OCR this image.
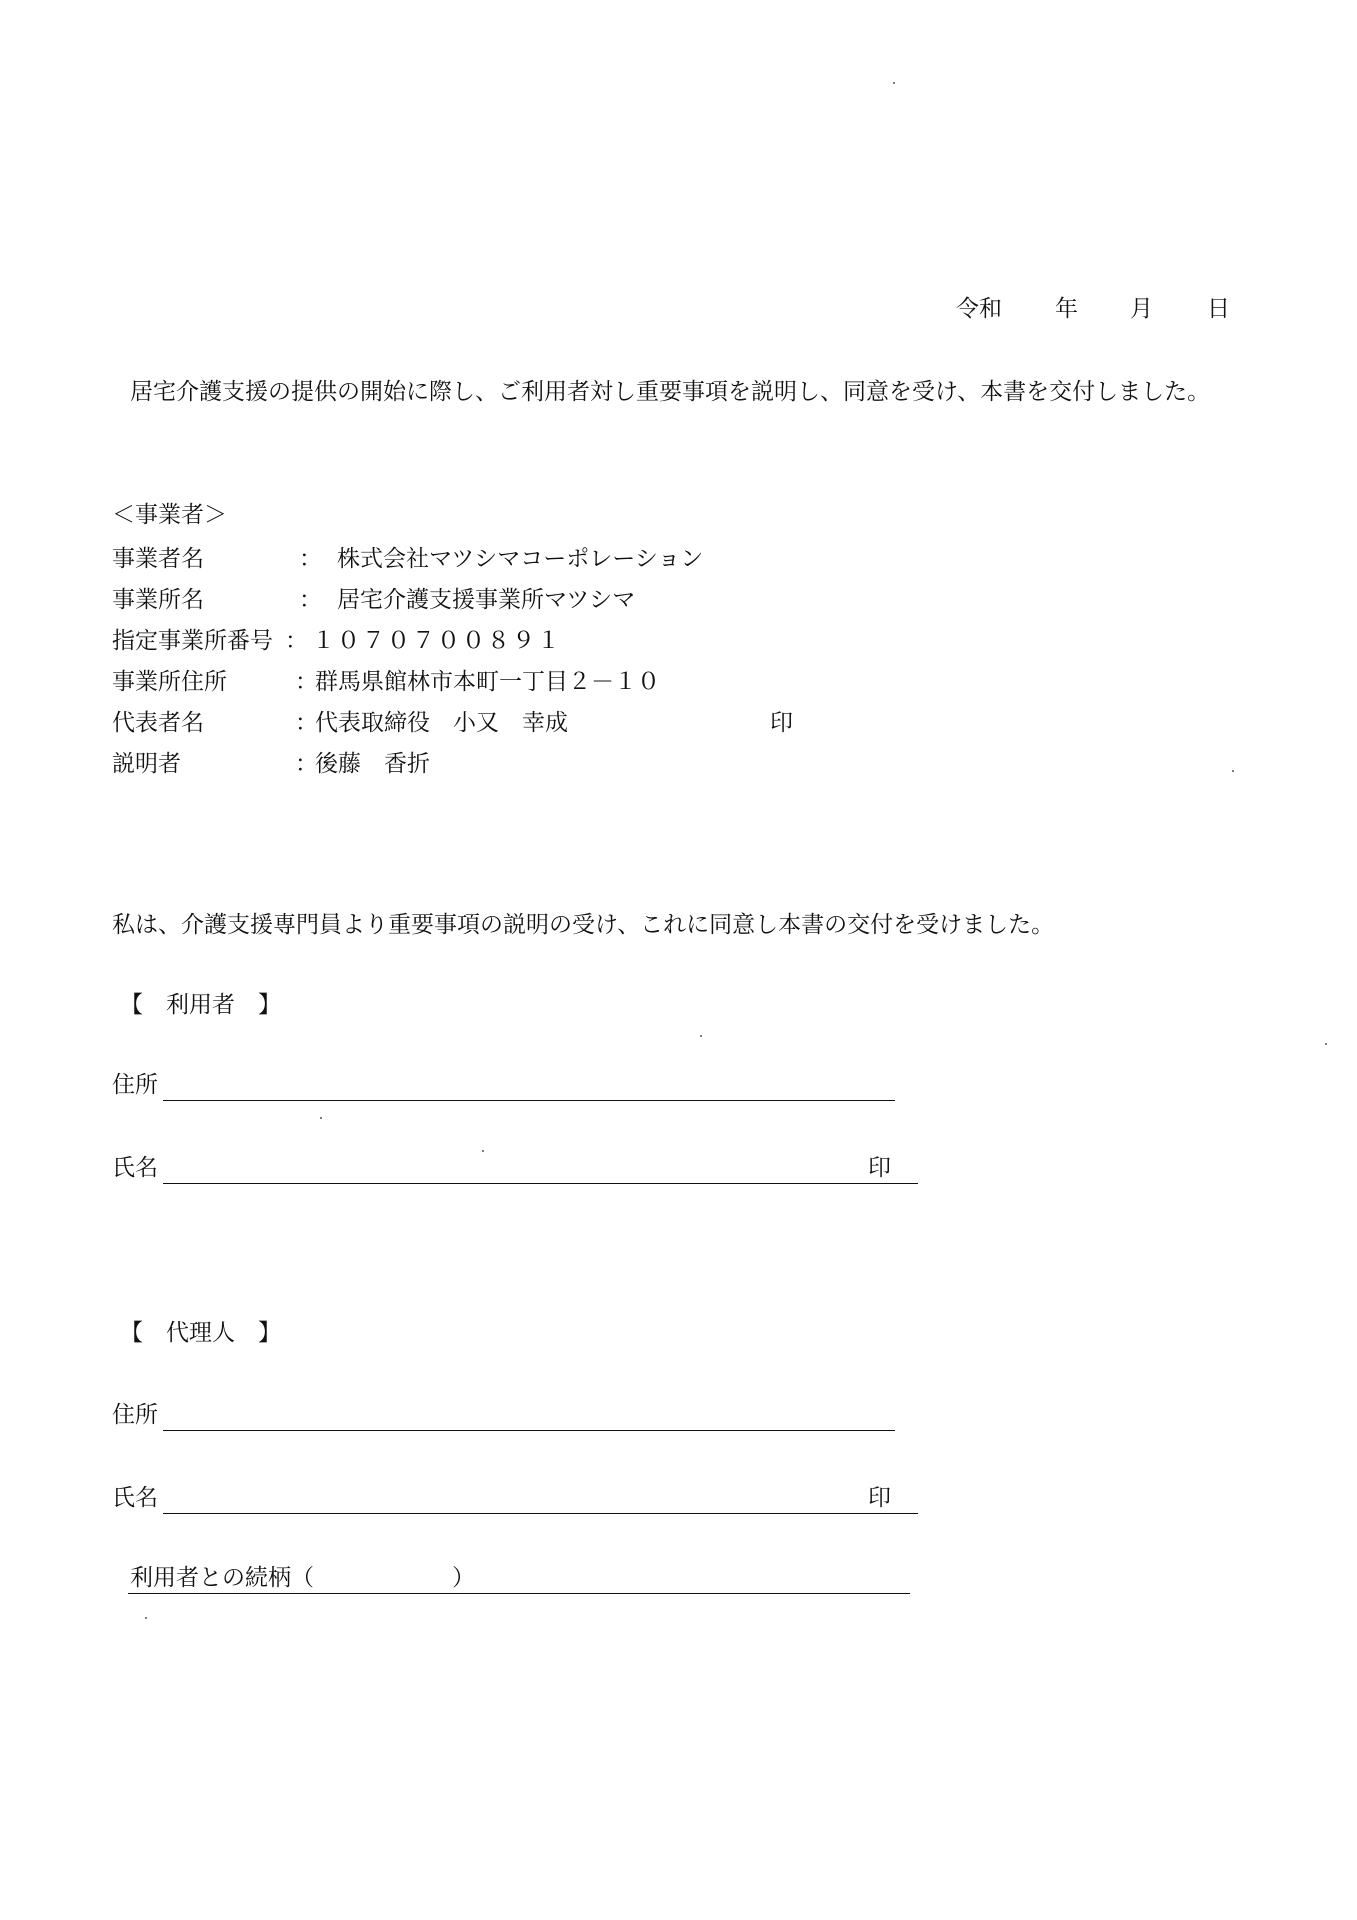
令和 年 月 日
居宅介護支援の提供の開始に際し、ご利用者対し重要事項を説明し、同意を受け、本書を交付しました。
＜事業者＞
事業者名	： 株式会社マツシマコーポレーション
事業所名	： 居宅介護支援事業所マツシマ
指定事業所番号 ： １０７０７００８９１
事業所住所	：
群馬県館林市本町一丁目２－１０
代表者名	：
代表取締役　小又　幸成	印
説明者	：
後藤　香折
私は、介護支援専門員より重要事項の説明の受け、これに同意し本書の交付を受けました。
【　利用者　】
住所
氏名	印
【　代理人　】
住所
氏名	印
利用者との続柄（	）
